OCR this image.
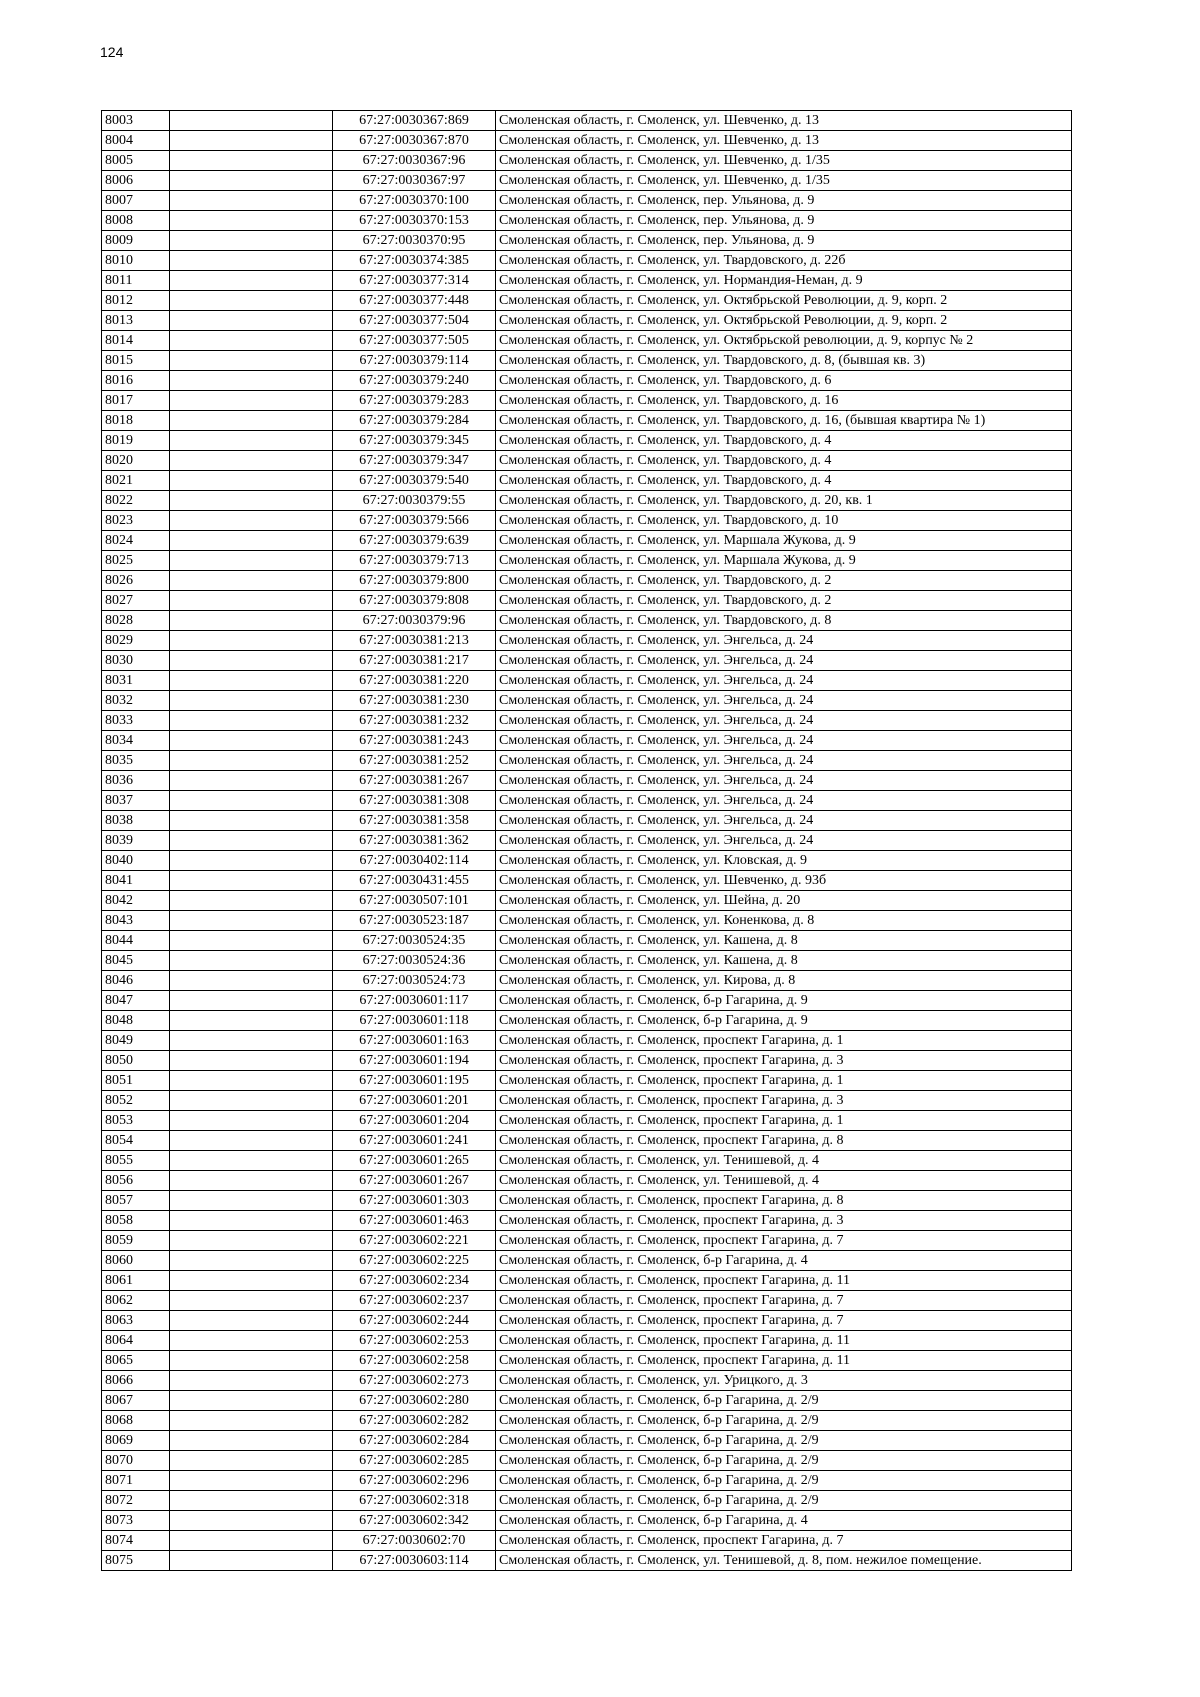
124
8003		67:27:0030367:869	Смоленская область, г. Смоленск, ул. Шевченко, д. 13
8004		67:27:0030367:870	Смоленская область, г. Смоленск, ул. Шевченко, д. 13
8005		67:27:0030367:96	Смоленская область, г. Смоленск, ул. Шевченко, д. 1/35
8006		67:27:0030367:97	Смоленская область, г. Смоленск, ул. Шевченко, д. 1/35
8007		67:27:0030370:100	Смоленская область, г. Смоленск, пер. Ульянова, д. 9
8008		67:27:0030370:153	Смоленская область, г. Смоленск, пер. Ульянова, д. 9
8009		67:27:0030370:95	Смоленская область, г. Смоленск, пер. Ульянова, д. 9
8010		67:27:0030374:385	Смоленская область, г. Смоленск, ул. Твардовского, д. 22б
8011		67:27:0030377:314	Смоленская область, г. Смоленск, ул. Нормандия-Неман, д. 9
8012		67:27:0030377:448	Смоленская область, г. Смоленск, ул. Октябрьской Революции, д. 9, корп. 2
8013		67:27:0030377:504	Смоленская область, г. Смоленск, ул. Октябрьской Революции, д. 9, корп. 2
8014		67:27:0030377:505	Смоленская область, г. Смоленск, ул. Октябрьской революции, д. 9, корпус № 2
8015		67:27:0030379:114	Смоленская область, г. Смоленск, ул. Твардовского, д. 8, (бывшая кв. 3)
8016		67:27:0030379:240	Смоленская область, г. Смоленск, ул. Твардовского, д. 6
8017		67:27:0030379:283	Смоленская область, г. Смоленск, ул. Твардовского, д. 16
8018		67:27:0030379:284	Смоленская область, г. Смоленск, ул. Твардовского, д. 16, (бывшая квартира № 1)
8019		67:27:0030379:345	Смоленская область, г. Смоленск, ул. Твардовского, д. 4
8020		67:27:0030379:347	Смоленская область, г. Смоленск, ул. Твардовского, д. 4
8021		67:27:0030379:540	Смоленская область, г. Смоленск, ул. Твардовского, д. 4
8022		67:27:0030379:55	Смоленская область, г. Смоленск, ул. Твардовского, д. 20, кв. 1
8023		67:27:0030379:566	Смоленская область, г. Смоленск, ул. Твардовского, д. 10
8024		67:27:0030379:639	Смоленская область, г. Смоленск, ул. Маршала Жукова, д. 9
8025		67:27:0030379:713	Смоленская область, г. Смоленск, ул. Маршала Жукова, д. 9
8026		67:27:0030379:800	Смоленская область, г. Смоленск, ул. Твардовского, д. 2
8027		67:27:0030379:808	Смоленская область, г. Смоленск, ул. Твардовского, д. 2
8028		67:27:0030379:96	Смоленская область, г. Смоленск, ул. Твардовского, д. 8
8029		67:27:0030381:213	Смоленская область, г. Смоленск, ул. Энгельса, д. 24
8030		67:27:0030381:217	Смоленская область, г. Смоленск, ул. Энгельса, д. 24
8031		67:27:0030381:220	Смоленская область, г. Смоленск, ул. Энгельса, д. 24
8032		67:27:0030381:230	Смоленская область, г. Смоленск, ул. Энгельса, д. 24
8033		67:27:0030381:232	Смоленская область, г. Смоленск, ул. Энгельса, д. 24
8034		67:27:0030381:243	Смоленская область, г. Смоленск, ул. Энгельса, д. 24
8035		67:27:0030381:252	Смоленская область, г. Смоленск, ул. Энгельса, д. 24
8036		67:27:0030381:267	Смоленская область, г. Смоленск, ул. Энгельса, д. 24
8037		67:27:0030381:308	Смоленская область, г. Смоленск, ул. Энгельса, д. 24
8038		67:27:0030381:358	Смоленская область, г. Смоленск, ул. Энгельса, д. 24
8039		67:27:0030381:362	Смоленская область, г. Смоленск, ул. Энгельса, д. 24
8040		67:27:0030402:114	Смоленская область, г. Смоленск, ул. Кловская, д. 9
8041		67:27:0030431:455	Смоленская область, г. Смоленск, ул. Шевченко, д. 93б
8042		67:27:0030507:101	Смоленская область, г. Смоленск, ул. Шейна, д. 20
8043		67:27:0030523:187	Смоленская область, г. Смоленск, ул. Коненкова, д. 8
8044		67:27:0030524:35	Смоленская область, г. Смоленск, ул. Кашена, д. 8
8045		67:27:0030524:36	Смоленская область, г. Смоленск, ул. Кашена, д. 8
8046		67:27:0030524:73	Смоленская область, г. Смоленск, ул. Кирова, д. 8
8047		67:27:0030601:117	Смоленская область, г. Смоленск, б-р Гагарина, д. 9
8048		67:27:0030601:118	Смоленская область, г. Смоленск, б-р Гагарина, д. 9
8049		67:27:0030601:163	Смоленская область, г. Смоленск, проспект Гагарина, д. 1
8050		67:27:0030601:194	Смоленская область, г. Смоленск, проспект Гагарина, д. 3
8051		67:27:0030601:195	Смоленская область, г. Смоленск, проспект Гагарина, д. 1
8052		67:27:0030601:201	Смоленская область, г. Смоленск, проспект Гагарина, д. 3
8053		67:27:0030601:204	Смоленская область, г. Смоленск, проспект Гагарина, д. 1
8054		67:27:0030601:241	Смоленская область, г. Смоленск, проспект Гагарина, д. 8
8055		67:27:0030601:265	Смоленская область, г. Смоленск, ул. Тенишевой, д. 4
8056		67:27:0030601:267	Смоленская область, г. Смоленск, ул. Тенишевой, д. 4
8057		67:27:0030601:303	Смоленская область, г. Смоленск, проспект Гагарина, д. 8
8058		67:27:0030601:463	Смоленская область, г. Смоленск, проспект Гагарина, д. 3
8059		67:27:0030602:221	Смоленская область, г. Смоленск, проспект Гагарина, д. 7
8060		67:27:0030602:225	Смоленская область, г. Смоленск, б-р Гагарина, д. 4
8061		67:27:0030602:234	Смоленская область, г. Смоленск, проспект Гагарина, д. 11
8062		67:27:0030602:237	Смоленская область, г. Смоленск, проспект Гагарина, д. 7
8063		67:27:0030602:244	Смоленская область, г. Смоленск, проспект Гагарина, д. 7
8064		67:27:0030602:253	Смоленская область, г. Смоленск, проспект Гагарина, д. 11
8065		67:27:0030602:258	Смоленская область, г. Смоленск, проспект Гагарина, д. 11
8066		67:27:0030602:273	Смоленская область, г. Смоленск, ул. Урицкого, д. 3
8067		67:27:0030602:280	Смоленская область, г. Смоленск, б-р Гагарина, д. 2/9
8068		67:27:0030602:282	Смоленская область, г. Смоленск, б-р Гагарина, д. 2/9
8069		67:27:0030602:284	Смоленская область, г. Смоленск, б-р Гагарина, д. 2/9
8070		67:27:0030602:285	Смоленская область, г. Смоленск, б-р Гагарина, д. 2/9
8071		67:27:0030602:296	Смоленская область, г. Смоленск, б-р Гагарина, д. 2/9
8072		67:27:0030602:318	Смоленская область, г. Смоленск, б-р Гагарина, д. 2/9
8073		67:27:0030602:342	Смоленская область, г. Смоленск, б-р Гагарина, д. 4
8074		67:27:0030602:70	Смоленская область, г. Смоленск, проспект Гагарина, д. 7
8075		67:27:0030603:114	Смоленская область, г. Смоленск, ул. Тенишевой, д. 8, пом. нежилое помещение.
